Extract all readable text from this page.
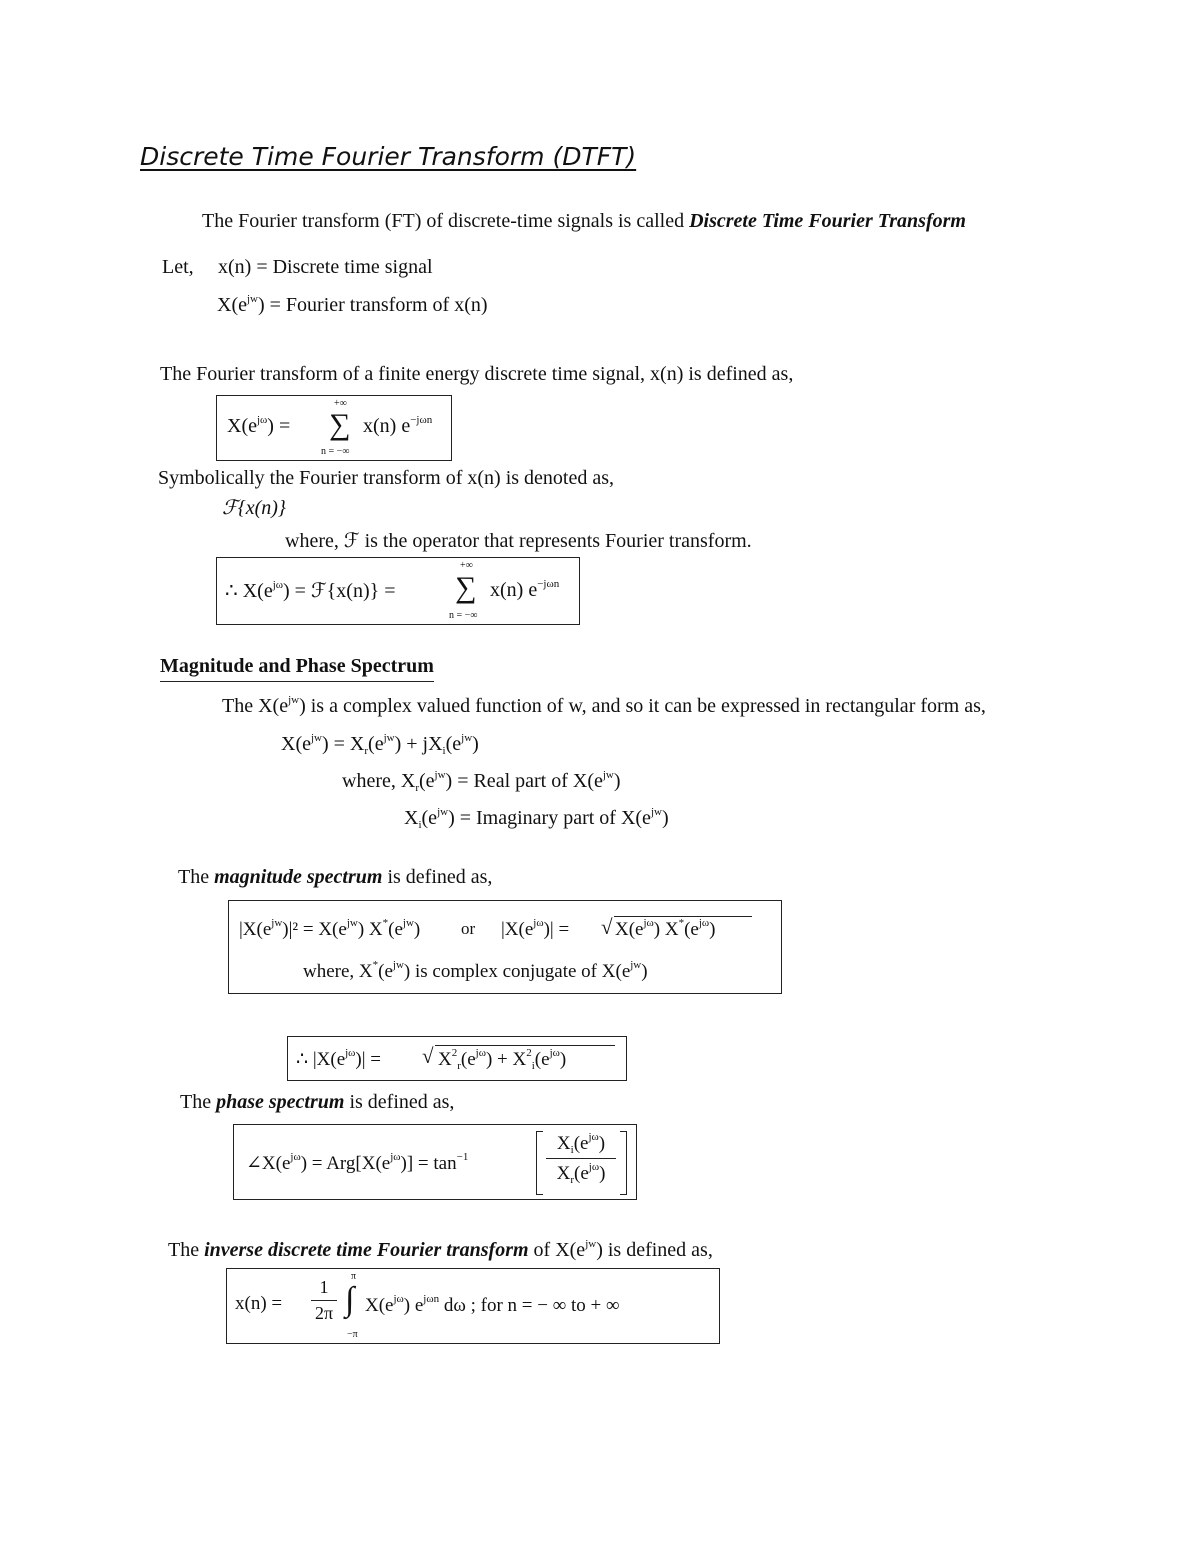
Discrete Time Fourier Transform (DTFT)
The Fourier transform (FT) of discrete-time signals is called Discrete Time Fourier Transform
Let, x(n) = Discrete time signal
$X(e^{jw})$ = Fourier transform of x(n)
The Fourier transform of a finite energy discrete time signal, x(n) is defined as,
$X(e^{j\omega})$ =
+∞
∑
n = −∞
x(n) $e^{-j\omega n}$
Symbolically the Fourier transform of x(n) is denoted as,
ℱ{x(n)}
where, ℱ is the operator that represents Fourier transform.
∴ $X(e^{j\omega})$ = ℱ{x(n)} =
+∞
∑
n = −∞
x(n) $e^{-j\omega n}$
Magnitude and Phase Spectrum
The $X(e^{jw})$ is a complex valued function of w, and so it can be expressed in rectangular form as,
$X(e^{jw}) = X_r(e^{jw}) + jX_i(e^{jw})$
where, $X_r(e^{jw})$ = Real part of $X(e^{jw})$
$X_i(e^{jw})$ = Imaginary part of $X(e^{jw})$
The magnitude spectrum is defined as,
$|X(e^{jw})|^2 = X(e^{jw})$ $X^*(e^{jw})$ or $|X(e^{j\omega})|$ = √ $X(e^{j\omega})$ $X^*(e^{j\omega})$
where, $X^*(e^{jw})$ is complex conjugate of $X(e^{jw})$
∴ $|X(e^{j\omega})|$ = √ $X^2_r(e^{j\omega}) + X^2_i(e^{j\omega})$
The phase spectrum is defined as,
$\angle X(e^{j\omega}) = Arg[X(e^{j\omega})] = \tan^{-1}$
$X_i(e^{j\omega})$
$X_r(e^{j\omega})$
The inverse discrete time Fourier transform of $X(e^{jw})$ is defined as,
x(n) =
1
2π
π
∫
−π
$X(e^{j\omega})$ $e^{j\omega n}$ dω ; for n = − ∞ to + ∞
